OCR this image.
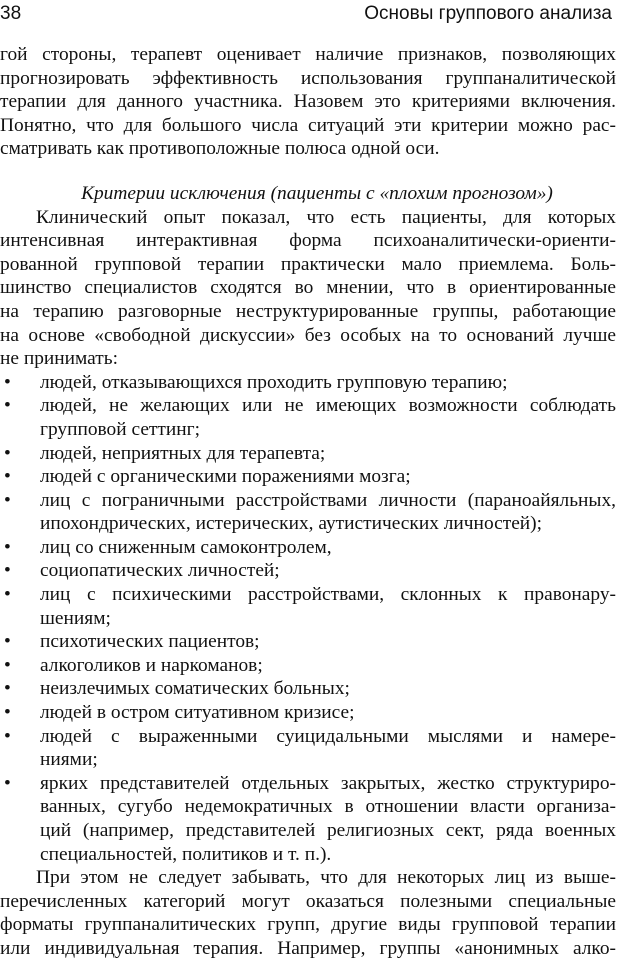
38	Основы группового анализа

гой стороны, терапевт оценивает наличие признаков, позволяющих
прогнозировать эффективность использования группаналитической
терапии для данного участника. Назовем это критериями включения.
Понятно, что для большого числа ситуаций эти критерии можно рас-
сматривать как противоположные полюса одной оси.

Критерии исключения (пациенты с «плохим прогнозом»)

Клинический опыт показал, что есть пациенты, для которых
интенсивная интерактивная форма психоаналитически-ориенти-
рованной групповой терапии практически мало приемлема. Боль-
шинство специалистов сходятся во мнении, что в ориентированные
на терапию разговорные неструктурированные группы, работающие
на основе «свободной дискуссии» без особых на то оснований лучше
не принимать:

• людей, отказывающихся проходить групповую терапию;
• людей, не желающих или не имеющих возможности соблюдать
групповой сеттинг;
• людей, неприятных для терапевта;
• людей с органическими поражениями мозга;
• лиц с пограничными расстройствами личности (параноайяльных,
ипохондрических, истерических, аутистических личностей);
• лиц со сниженным самоконтролем,
• социопатических личностей;
• лиц с психическими расстройствами, склонных к правонару-
шениям;
• психотических пациентов;
• алкоголиков и наркоманов;
• неизлечимых соматических больных;
• людей в остром ситуативном кризисе;
• людей с выраженными суицидальными мыслями и намере-
ниями;
• ярких представителей отдельных закрытых, жестко структуриро-
ванных, сугубо недемократичных в отношении власти организа-
ций (например, представителей религиозных сект, ряда военных
специальностей, политиков и т. п.).

При этом не следует забывать, что для некоторых лиц из выше-
перечисленных категорий могут оказаться полезными специальные
форматы группаналитических групп, другие виды групповой терапии
или индивидуальная терапия. Например, группы «анонимных алко-
